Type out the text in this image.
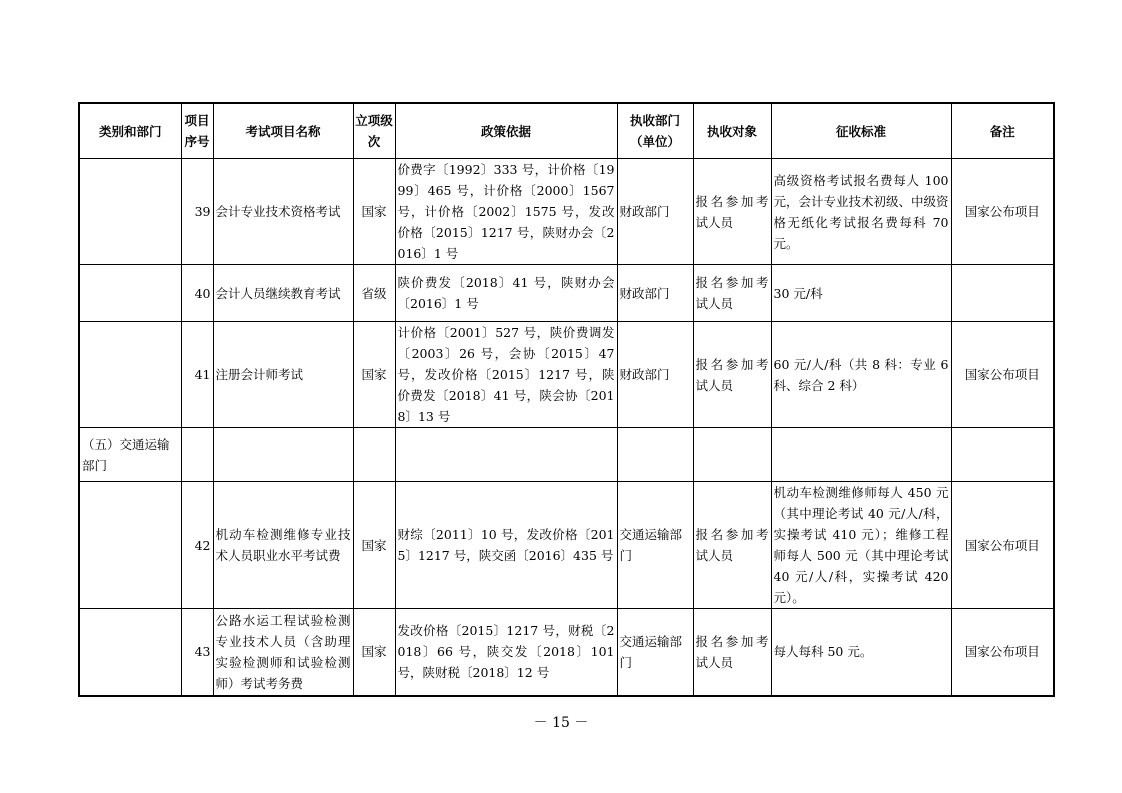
类别和部门	项目序号	考试项目名称	立项级次	政策依据	执收部门（单位）	执收对象	征收标准	备注
	39	会计专业技术资格考试	国家	价费字〔1992〕333 号，计价格〔1999〕465 号，计价格〔2000〕1567 号，计价格〔2002〕1575 号，发改价格〔2015〕1217 号，陕财办会〔2016〕1 号	财政部门	报名参加考试人员	高级资格考试报名费每人 100 元，会计专业技术初级、中级资格无纸化考试报名费每科 70 元。	国家公布项目
	40	会计人员继续教育考试	省级	陕价费发〔2018〕41 号，陕财办会〔2016〕1 号	财政部门	报名参加考试人员	30 元/科	
	41	注册会计师考试	国家	计价格〔2001〕527 号，陕价费调发〔2003〕26 号，会协〔2015〕47 号，发改价格〔2015〕1217 号，陕价费发〔2018〕41 号，陕会协〔2018〕13 号	财政部门	报名参加考试人员	60 元/人/科（共 8 科：专业 6 科、综合 2 科）	国家公布项目
（五）交通运输部门								
	42	机动车检测维修专业技术人员职业水平考试费	国家	财综〔2011〕10 号，发改价格〔2015〕1217 号，陕交函〔2016〕435 号	交通运输部门	报名参加考试人员	机动车检测维修师每人 450 元（其中理论考试 40 元/人/科，实操考试 410 元）；维修工程师每人 500 元（其中理论考试 40 元/人/科，实操考试 420 元）。	国家公布项目
	43	公路水运工程试验检测专业技术人员（含助理实验检测师和试验检测师）考试考务费	国家	发改价格〔2015〕1217 号，财税〔2018〕66 号，陕交发〔2018〕101 号，陕财税〔2018〕12 号	交通运输部门	报名参加考试人员	每人每科 50 元。	国家公布项目
－ 15 －
